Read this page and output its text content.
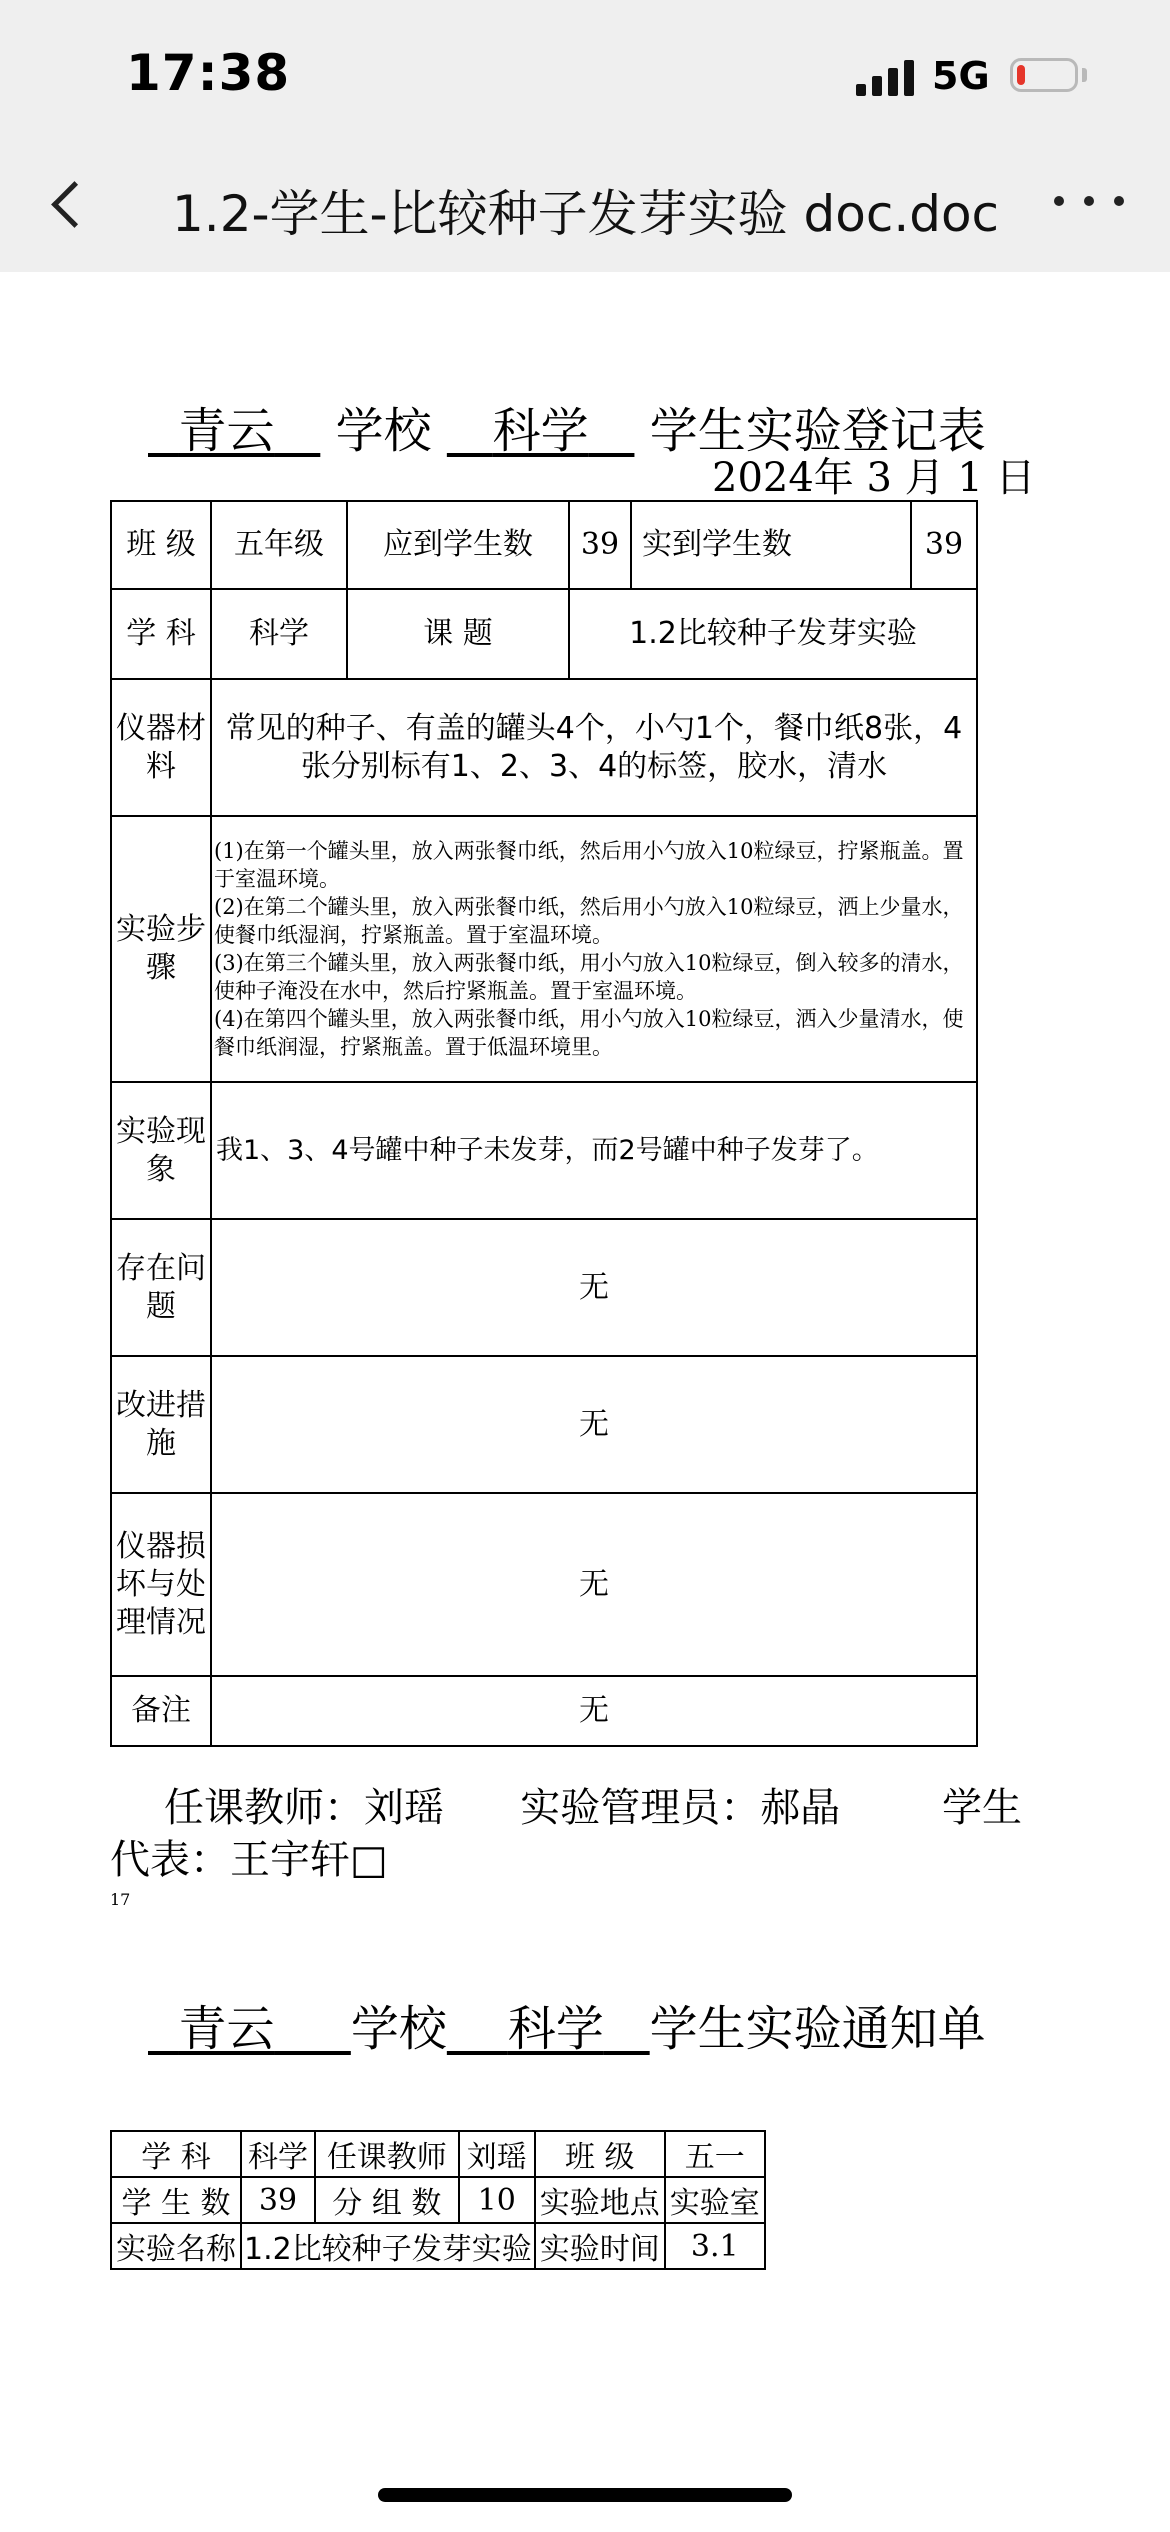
17:38	5G
1.2-学生-比较种子发芽实验 doc.doc
青云 学校 科学 学生实验登记表
2024年 3 月 1 日
班 级	五年级	应到学生数	39	实到学生数	39
学 科	科学	课 题	1.2比较种子发芽实验		
仪器材料	常见的种子、有盖的罐头4个，小勺1个，餐巾纸8张，4张分别标有1、2、3、4的标签，胶水，清水				
实验步骤	(1)在第一个罐头里，放入两张餐巾纸，然后用小勺放入10粒绿豆，拧紧瓶盖。置于室温环境。
(2)在第二个罐头里，放入两张餐巾纸，然后用小勺放入10粒绿豆，洒上少量水，使餐巾纸湿润，拧紧瓶盖。置于室温环境。
(3)在第三个罐头里，放入两张餐巾纸，用小勺放入10粒绿豆，倒入较多的清水，使种子淹没在水中，然后拧紧瓶盖。置于室温环境。
(4)在第四个罐头里，放入两张餐巾纸，用小勺放入10粒绿豆，洒入少量清水，使餐巾纸润湿，拧紧瓶盖。置于低温环境里。				

实验现象	我1、3、4号罐中种子未发芽，而2号罐中种子发芽了。				
存在问题	无				
改进措施	无				
仪器损坏与处理情况	无				
备注	无				

任课教师：刘瑶      实验管理员：郝晶        学生

代表：王宇轩□
17
青云 学校 科学 学生实验通知单
学 科	科学	任课教师	刘瑶	班 级	五一
学 生 数	39	分 组 数	10	实验地点	实验室
实验名称	1.2比较种子发芽实验			实验时间	3.1
